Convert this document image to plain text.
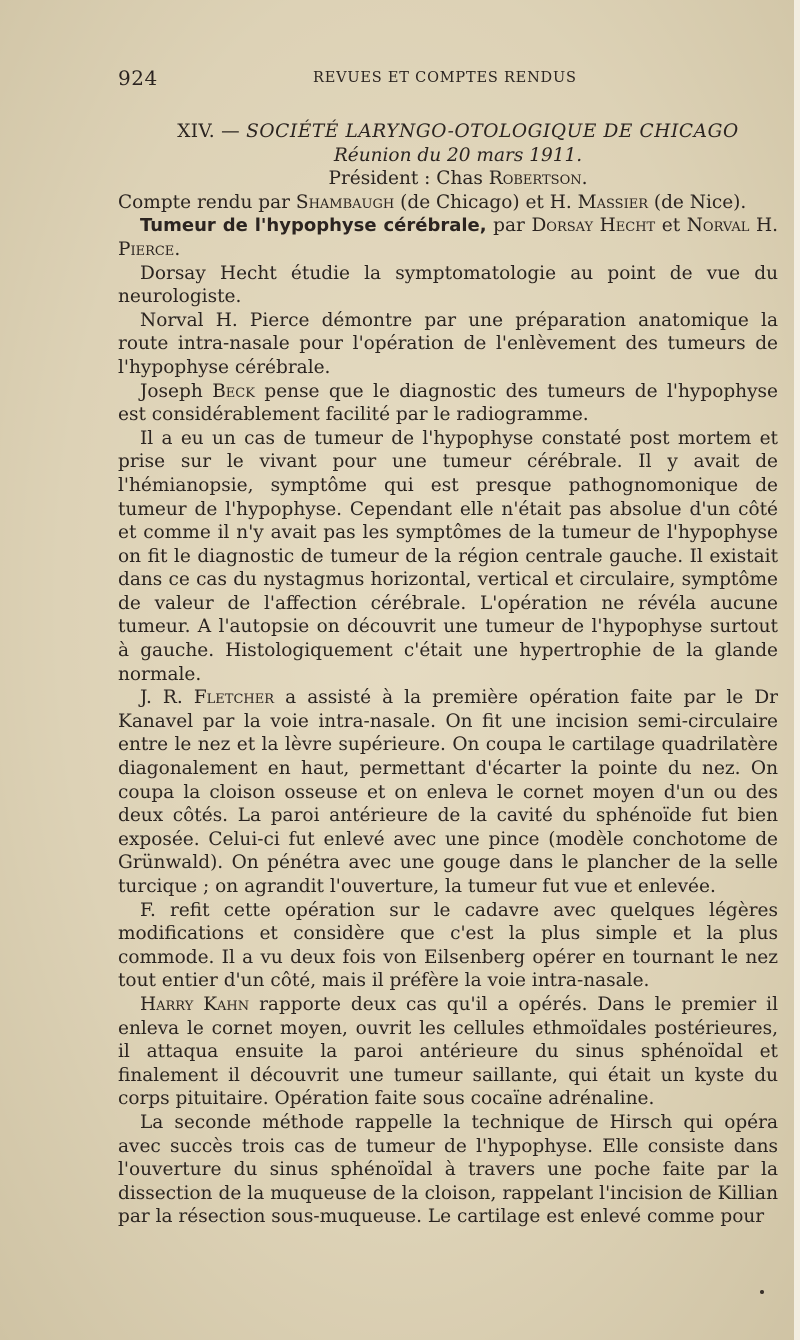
924	REVUES ET COMPTES RENDUS

XIV. — SOCIÉTÉ LARYNGO-OTOLOGIQUE DE CHICAGO

Réunion du 20 mars 1911.

Président : Chas Robertson.

Compte rendu par Shambaugh (de Chicago) et H. Massier (de Nice).

Tumeur de l'hypophyse cérébrale, par Dorsay Hecht et Norval H. Pierce.

Dorsay Hecht étudie la symptomatologie au point de vue du neurologiste.

Norval H. Pierce démontre par une préparation anatomique la route intra-nasale pour l'opération de l'enlèvement des tumeurs de l'hypophyse cérébrale.

Joseph Beck pense que le diagnostic des tumeurs de l'hypophyse est considérablement facilité par le radiogramme.

Il a eu un cas de tumeur de l'hypophyse constaté post mortem et prise sur le vivant pour une tumeur cérébrale. Il y avait de l'hémianopsie, symptôme qui est presque pathognomonique de tumeur de l'hypophyse. Cependant elle n'était pas absolue d'un côté et comme il n'y avait pas les symptômes de la tumeur de l'hypophyse on fit le diagnostic de tumeur de la région centrale gauche. Il existait dans ce cas du nystagmus horizontal, vertical et circulaire, symptôme de valeur de l'affection cérébrale. L'opération ne révéla aucune tumeur. A l'autopsie on découvrit une tumeur de l'hypophyse surtout à gauche. Histologiquement c'était une hypertrophie de la glande normale.

J. R. Fletcher a assisté à la première opération faite par le Dr Kanavel par la voie intra-nasale. On fit une incision semi-circulaire entre le nez et la lèvre supérieure. On coupa le cartilage quadrilatère diagonalement en haut, permettant d'écarter la pointe du nez. On coupa la cloison osseuse et on enleva le cornet moyen d'un ou des deux côtés. La paroi antérieure de la cavité du sphénoïde fut bien exposée. Celui-ci fut enlevé avec une pince (modèle conchotome de Grünwald). On pénétra avec une gouge dans le plancher de la selle turcique ; on agrandit l'ouverture, la tumeur fut vue et enlevée.

F. refit cette opération sur le cadavre avec quelques légères modifications et considère que c'est la plus simple et la plus commode. Il a vu deux fois von Eilsenberg opérer en tournant le nez tout entier d'un côté, mais il préfère la voie intra-nasale.

Harry Kahn rapporte deux cas qu'il a opérés. Dans le premier il enleva le cornet moyen, ouvrit les cellules ethmoïdales postérieures, il attaqua ensuite la paroi antérieure du sinus sphénoïdal et finalement il découvrit une tumeur saillante, qui était un kyste du corps pituitaire. Opération faite sous cocaïne adrénaline.

La seconde méthode rappelle la technique de Hirsch qui opéra avec succès trois cas de tumeur de l'hypophyse. Elle consiste dans l'ouverture du sinus sphénoïdal à travers une poche faite par la dissection de la muqueuse de la cloison, rappelant l'incision de Killian par la résection sous-muqueuse. Le cartilage est enlevé comme pour
